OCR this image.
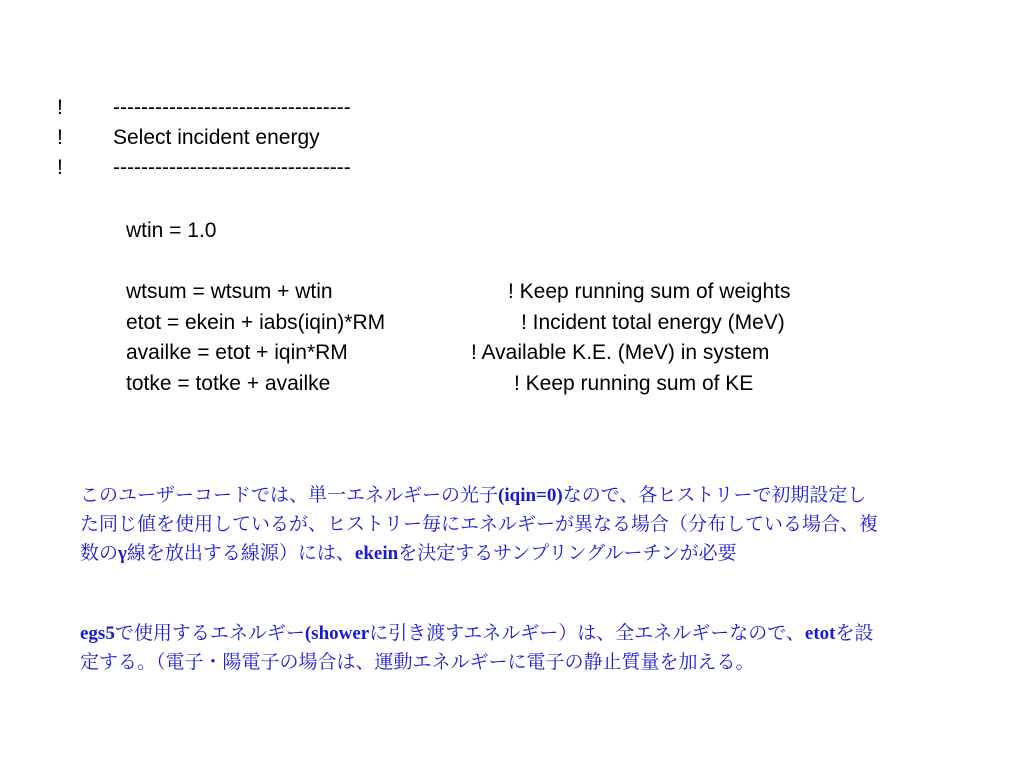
! ----------------------------------
! Select incident energy
! ----------------------------------
wtin = 1.0
wtsum = wtsum + wtin	! Keep running sum of weights
etot = ekein + iabs(iqin)*RM	! Incident total energy (MeV)
availke = etot + iqin*RM	! Available K.E. (MeV) in system
totke = totke + availke	! Keep running sum of KE
このユーザーコードでは、単一エネルギーの光子(iqin=0)なので、各ヒストリーで初期設定した同じ値を使用しているが、ヒストリー毎にエネルギーが異なる場合（分布している場合、複数のγ線を放出する線源）には、ekeinを決定するサンプリングルーチンが必要
egs5で使用するエネルギー(showerに引き渡すエネルギー）は、全エネルギーなので、etotを設定する。（電子・陽電子の場合は、運動エネルギーに電子の静止質量を加える。
